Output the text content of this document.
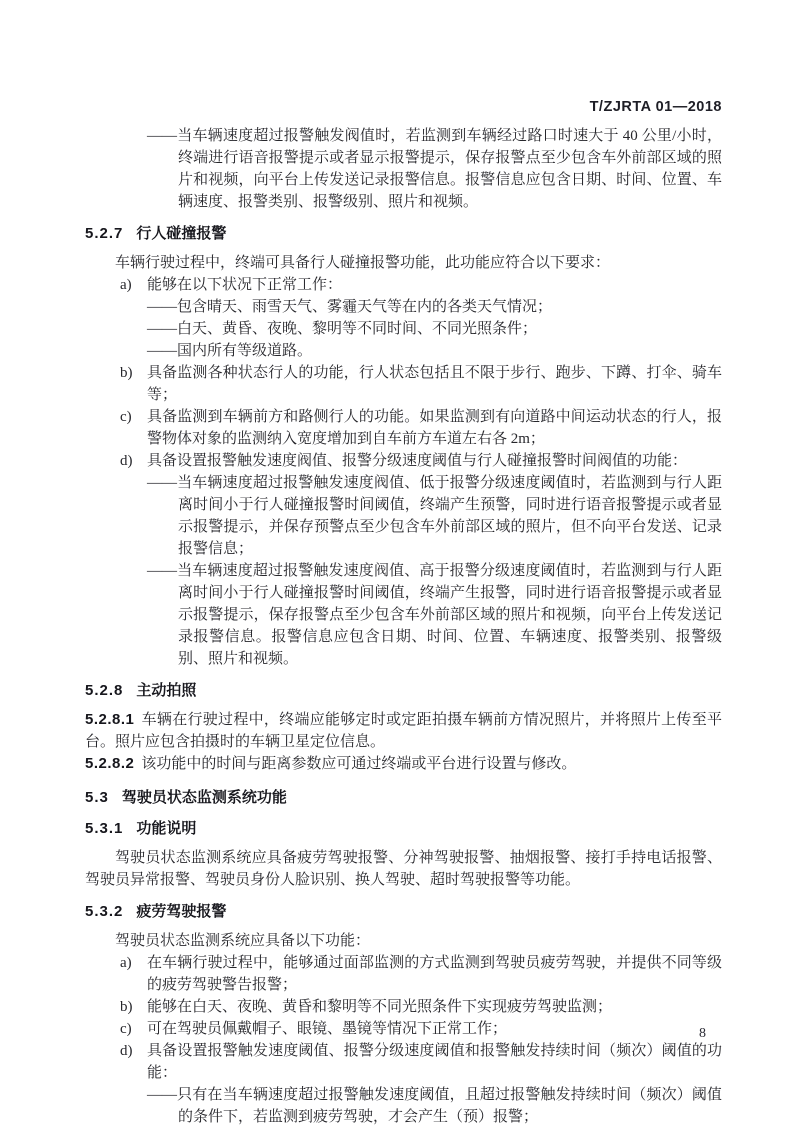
T/ZJRTA 01—2018
——当车辆速度超过报警触发阀值时，若监测到车辆经过路口时速大于 40 公里/小时，终端进行语音报警提示或者显示报警提示，保存报警点至少包含车外前部区域的照片和视频，向平台上传发送记录报警信息。报警信息应包含日期、时间、位置、车辆速度、报警类别、报警级别、照片和视频。
5.2.7 行人碰撞报警

车辆行驶过程中，终端可具备行人碰撞报警功能，此功能应符合以下要求：

a)	能够在以下状况下正常工作：
——包含晴天、雨雪天气、雾霾天气等在内的各类天气情况；
——白天、黄昏、夜晚、黎明等不同时间、不同光照条件；
——国内所有等级道路。
b) 具备监测各种状态行人的功能，行人状态包括且不限于步行、跑步、下蹲、打伞、骑车等；
c)	具备监测到车辆前方和路侧行人的功能。如果监测到有向道路中间运动状态的行人，报警物体对象的监测纳入宽度增加到自车前方车道左右各 2m；
d) 具备设置报警触发速度阀值、报警分级速度阈值与行人碰撞报警时间阀值的功能：
——当车辆速度超过报警触发速度阀值、低于报警分级速度阈值时，若监测到与行人距离时间小于行人碰撞报警时间阈值，终端产生预警，同时进行语音报警提示或者显示报警提示，并保存预警点至少包含车外前部区域的照片，但不向平台发送、记录报警信息；
——当车辆速度超过报警触发速度阀值、高于报警分级速度阈值时，若监测到与行人距离时间小于行人碰撞报警时间阈值，终端产生报警，同时进行语音报警提示或者显示报警提示，保存报警点至少包含车外前部区域的照片和视频，向平台上传发送记录报警信息。报警信息应包含日期、时间、位置、车辆速度、报警类别、报警级别、照片和视频。
5.2.8 主动拍照

5.2.8.1 车辆在行驶过程中，终端应能够定时或定距拍摄车辆前方情况照片，并将照片上传至平台。照片应包含拍摄时的车辆卫星定位信息。

5.2.8.2 该功能中的时间与距离参数应可通过终端或平台进行设置与修改。

5.3 驾驶员状态监测系统功能
5.3.1 功能说明

驾驶员状态监测系统应具备疲劳驾驶报警、分神驾驶报警、抽烟报警、接打手持电话报警、驾驶员异常报警、驾驶员身份人脸识别、换人驾驶、超时驾驶报警等功能。

5.3.2 疲劳驾驶报警

驾驶员状态监测系统应具备以下功能：

a)	在车辆行驶过程中，能够通过面部监测的方式监测到驾驶员疲劳驾驶，并提供不同等级的疲劳驾驶警告报警；
b) 能够在白天、夜晚、黄昏和黎明等不同光照条件下实现疲劳驾驶监测；
c)	可在驾驶员佩戴帽子、眼镜、墨镜等情况下正常工作；
d) 具备设置报警触发速度阈值、报警分级速度阈值和报警触发持续时间（频次）阈值的功能：
——只有在当车辆速度超过报警触发速度阈值，且超过报警触发持续时间（频次）阈值的条件下，若监测到疲劳驾驶，才会产生（预）报警；
8
